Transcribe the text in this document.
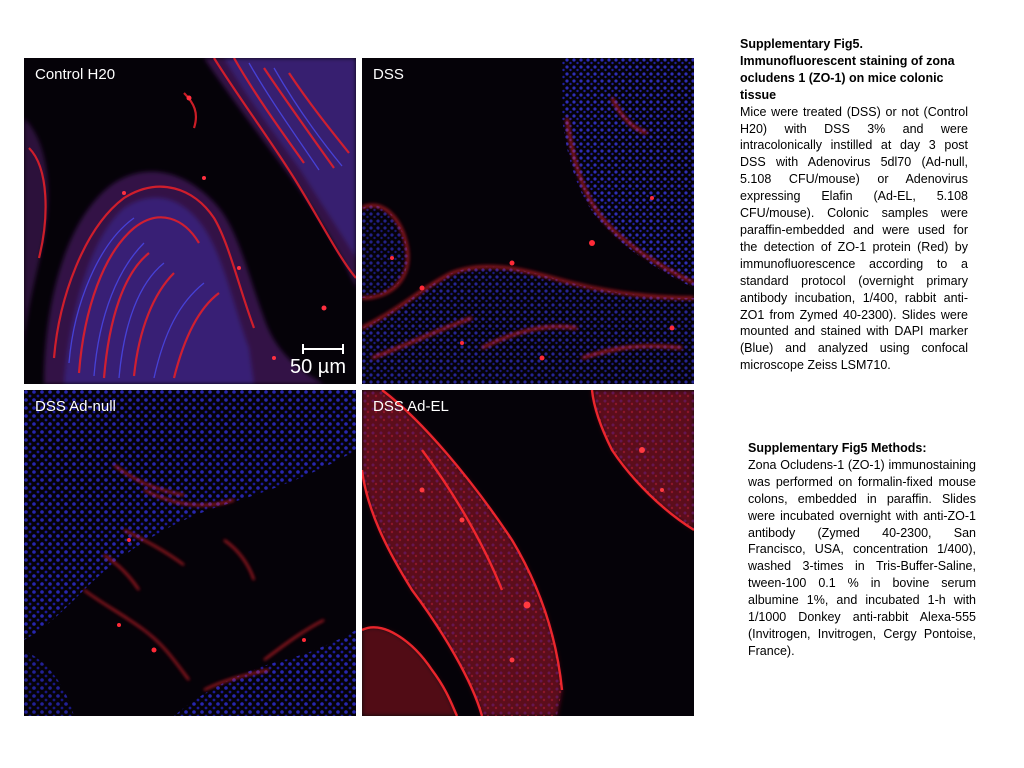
Control H20
50 µm
DSS
DSS Ad-null	DSS Ad-EL
Supplementary Fig5. Immunofluorescent staining of zona ocludens 1 (ZO-1) on mice colonic tissue
Mice were treated (DSS) or not (Control H20) with DSS 3% and were intracolonically instilled at day 3 post DSS with Adenovirus 5dl70 (Ad-null, 5.108 CFU/mouse) or Adenovirus expressing Elafin (Ad-EL, 5.108 CFU/mouse). Colonic samples were paraffin-embedded and were used for the detection of ZO-1 protein (Red) by immunofluorescence according to a standard protocol (overnight primary antibody incubation, 1/400, rabbit anti-ZO1 from Zymed 40-2300). Slides were mounted and stained with DAPI marker (Blue) and analyzed using confocal microscope Zeiss LSM710.
Supplementary Fig5 Methods:
Zona Ocludens-1 (ZO-1) immunostaining was performed on formalin-fixed mouse colons, embedded in paraffin. Slides were incubated overnight with anti-ZO-1 antibody (Zymed 40-2300, San Francisco, USA, concentration 1/400), washed 3-times in Tris-Buffer-Saline, tween-100 0.1 % in bovine serum albumine 1%, and incubated 1-h with 1/1000 Donkey anti-rabbit Alexa-555 (Invitrogen, Invitrogen, Cergy Pontoise, France).
